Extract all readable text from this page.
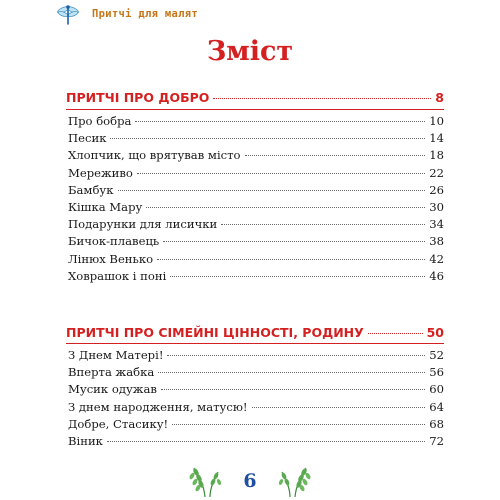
Притчі для малят
Зміст
ПРИТЧІ ПРО ДОБРО	8
Про бобра	10
Песик	14
Хлопчик, що врятував місто	18
Мереживо	22
Бамбук	26
Кішка Мару	30
Подарунки для лисички	34
Бичок-плавець	38
Лінюх Венько	42
Ховрашок і поні	46
ПРИТЧІ ПРО СІМЕЙНІ ЦІННОСТІ, РОДИНУ	50
З Днем Матері!	52
Вперта жабка	56
Мусик одужав	60
З днем народження, матусю!	64
Добре, Стасику!	68
Віник	72
6
